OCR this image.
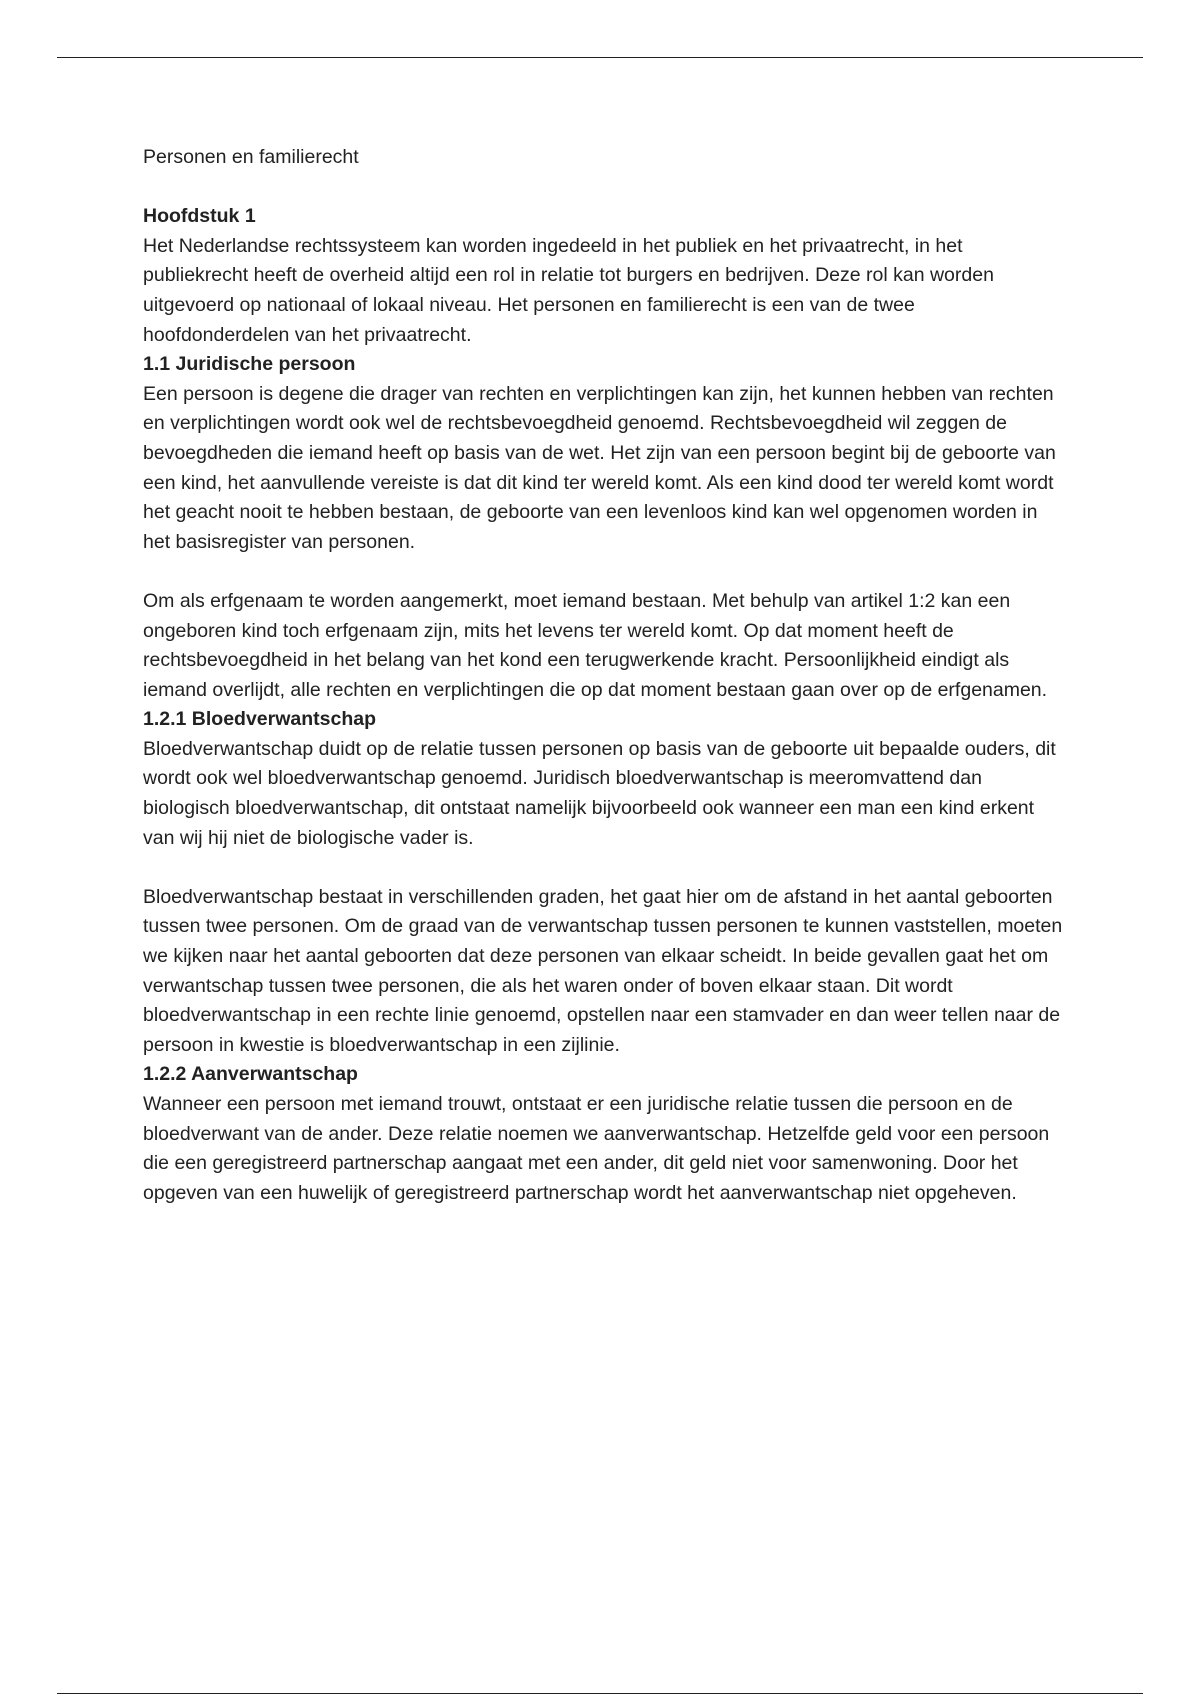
Personen en familierecht

Hoofdstuk 1

Het Nederlandse rechtssysteem kan worden ingedeeld in het publiek en het privaatrecht, in het publiekrecht heeft de overheid altijd een rol in relatie tot burgers en bedrijven. Deze rol kan worden uitgevoerd op nationaal of lokaal niveau. Het personen en familierecht is een van de twee hoofdonderdelen van het privaatrecht.

1.1 Juridische persoon

Een persoon is degene die drager van rechten en verplichtingen kan zijn, het kunnen hebben van rechten en verplichtingen wordt ook wel de rechtsbevoegdheid genoemd. Rechtsbevoegdheid wil zeggen de bevoegdheden die iemand heeft op basis van de wet. Het zijn van een persoon begint bij de geboorte van een kind, het aanvullende vereiste is dat dit kind ter wereld komt. Als een kind dood ter wereld komt wordt het geacht nooit te hebben bestaan, de geboorte van een levenloos kind kan wel opgenomen worden in het basisregister van personen.

Om als erfgenaam te worden aangemerkt, moet iemand bestaan. Met behulp van artikel 1:2 kan een ongeboren kind toch erfgenaam zijn, mits het levens ter wereld komt. Op dat moment heeft de rechtsbevoegdheid in het belang van het kond een terugwerkende kracht. Persoonlijkheid eindigt als iemand overlijdt, alle rechten en verplichtingen die op dat moment bestaan gaan over op de erfgenamen.

1.2.1 Bloedverwantschap

Bloedverwantschap duidt op de relatie tussen personen op basis van de geboorte uit bepaalde ouders, dit wordt ook wel bloedverwantschap genoemd. Juridisch bloedverwantschap is meeromvattend dan biologisch bloedverwantschap, dit ontstaat namelijk bijvoorbeeld ook wanneer een man een kind erkent van wij hij niet de biologische vader is.

Bloedverwantschap bestaat in verschillenden graden, het gaat hier om de afstand in het aantal geboorten tussen twee personen. Om de graad van de verwantschap tussen personen te kunnen vaststellen, moeten we kijken naar het aantal geboorten dat deze personen van elkaar scheidt. In beide gevallen gaat het om verwantschap tussen twee personen, die als het waren onder of boven elkaar staan. Dit wordt bloedverwantschap in een rechte linie genoemd, opstellen naar een stamvader en dan weer tellen naar de persoon in kwestie is bloedverwantschap in een zijlinie.

1.2.2 Aanverwantschap

Wanneer een persoon met iemand trouwt, ontstaat er een juridische relatie tussen die persoon en de bloedverwant van de ander. Deze relatie noemen we aanverwantschap. Hetzelfde geld voor een persoon die een geregistreerd partnerschap aangaat met een ander, dit geld niet voor samenwoning. Door het opgeven van een huwelijk of geregistreerd partnerschap wordt het aanverwantschap niet opgeheven.
